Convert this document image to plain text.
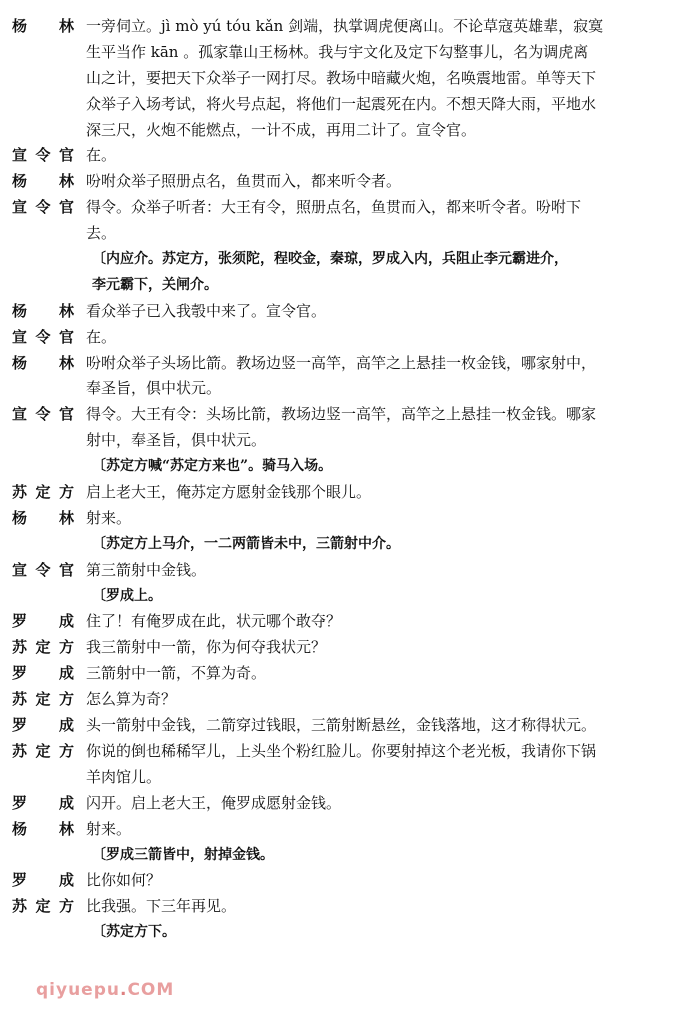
杨　林 一旁伺立。jì mò yú tóu kǎn 剑端，执掌调虎便离山。不论草寇英雄辈，寂寞
生平当作 kān 。孤家靠山王杨林。我与宇文化及定下勾整事儿，名为调虎离
山之计，要把天下众举子一网打尽。教场中暗藏火炮，名唤震地雷。单等天下
众举子入场考试，将火号点起，将他们一起震死在内。不想天降大雨，平地水
深三尺，火炮不能燃点，一计不成，再用二计了。宣令官。
宣令官 在。
杨　林 吩咐众举子照册点名，鱼贯而入，都来听令者。
宣令官 得令。众举子听者：大王有令，照册点名，鱼贯而入，都来听令者。吩咐下
去。
〔内应介。苏定方，张须陀，程咬金，秦琼，罗成入内，兵阻止李元霸进介，
李元霸下，关闸介。
杨　林 看众举子已入我彀中来了。宣令官。
宣令官 在。
杨　林 吩咐众举子头场比箭。教场边竖一高竿，高竿之上悬挂一枚金钱，哪家射中，
奉圣旨，俱中状元。
宣令官 得令。大王有令：头场比箭，教场边竖一高竿，高竿之上悬挂一枚金钱。哪家
射中，奉圣旨，俱中状元。
〔苏定方喊“苏定方来也”。骑马入场。
苏定方 启上老大王，俺苏定方愿射金钱那个眼儿。
杨　林 射来。
〔苏定方上马介，一二两箭皆未中，三箭射中介。
宣令官 第三箭射中金钱。
〔罗成上。
罗　成 住了！有俺罗成在此，状元哪个敢夺？
苏定方 我三箭射中一箭，你为何夺我状元？
罗　成 三箭射中一箭，不算为奇。
苏定方 怎么算为奇？
罗　成 头一箭射中金钱，二箭穿过钱眼，三箭射断悬丝，金钱落地，这才称得状元。
苏定方 你说的倒也稀稀罕儿，上头坐个粉红脸儿。你要射掉这个老光板，我请你下锅
羊肉馆儿。
罗　成 闪开。启上老大王，俺罗成愿射金钱。
杨　林 射来。
〔罗成三箭皆中，射掉金钱。
罗　成 比你如何？
苏定方 比我强。下三年再见。
〔苏定方下。
qiyuepu.COM
